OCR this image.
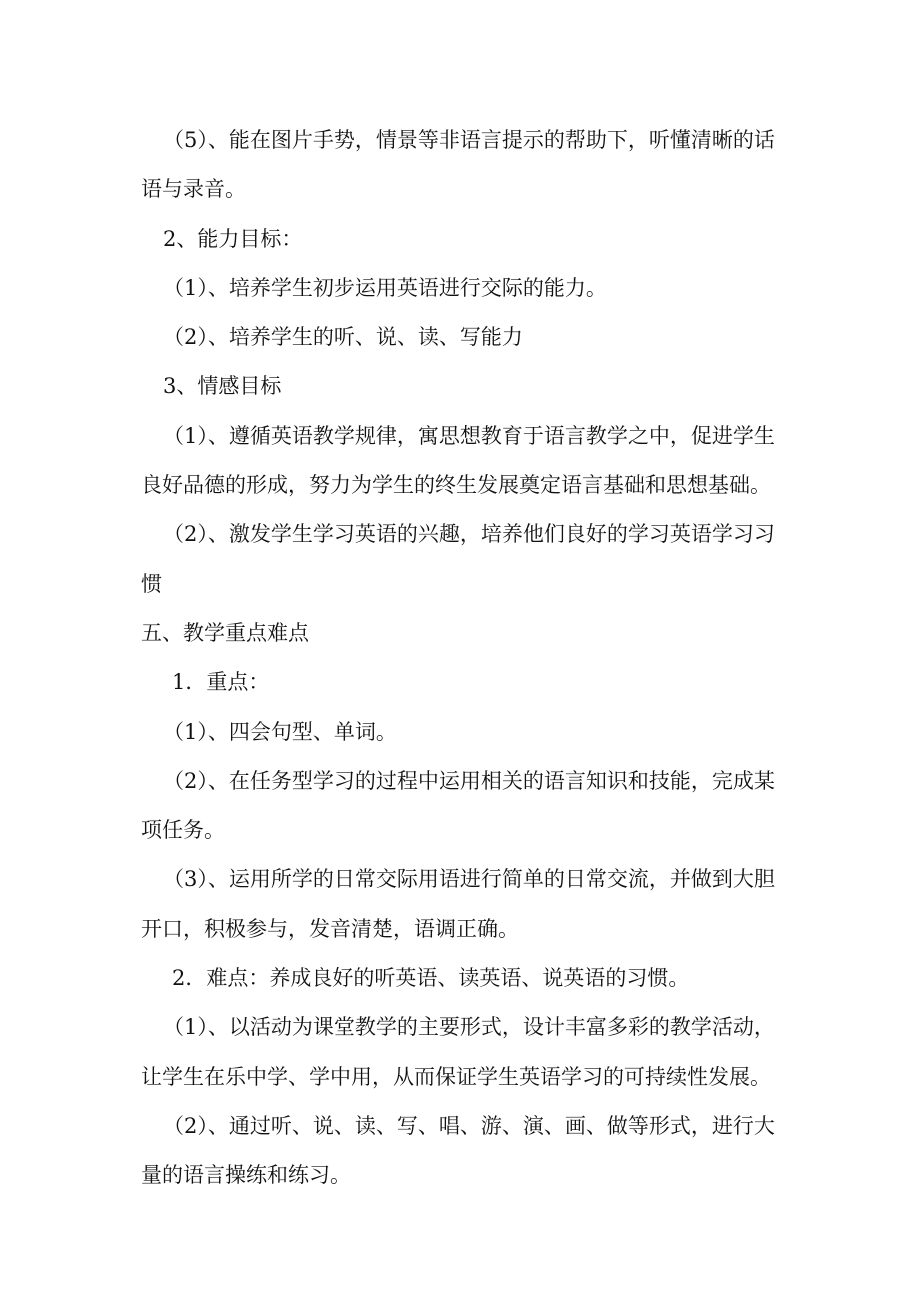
（5）、能在图片手势，情景等非语言提示的帮助下，听懂清晰的话语与录音。

2、能力目标：

（1）、培养学生初步运用英语进行交际的能力。

（2）、培养学生的听、说、读、写能力

3、情感目标

（1）、遵循英语教学规律，寓思想教育于语言教学之中，促进学生良好品德的形成，努力为学生的终生发展奠定语言基础和思想基础。

（2）、激发学生学习英语的兴趣，培养他们良好的学习英语学习习惯

五、教学重点难点

1．重点：

（1）、四会句型、单词。

（2）、在任务型学习的过程中运用相关的语言知识和技能，完成某项任务。

（3）、运用所学的日常交际用语进行简单的日常交流，并做到大胆开口，积极参与，发音清楚，语调正确。

2．难点：养成良好的听英语、读英语、说英语的习惯。

（1）、以活动为课堂教学的主要形式，设计丰富多彩的教学活动，让学生在乐中学、学中用，从而保证学生英语学习的可持续性发展。

（2）、通过听、说、读、写、唱、游、演、画、做等形式，进行大量的语言操练和练习。
